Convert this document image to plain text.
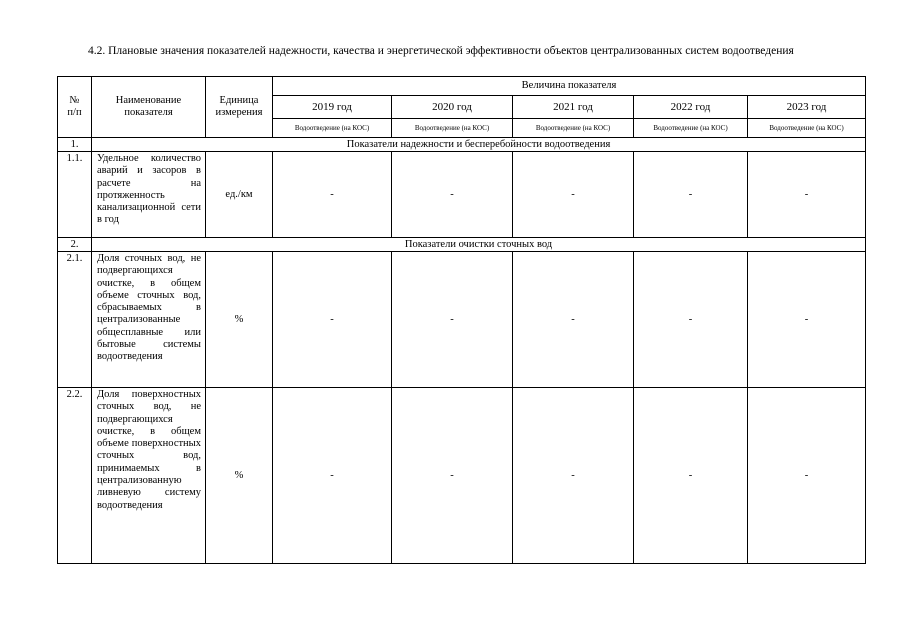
4.2. Плановые значения показателей надежности, качества и энергетической эффективности объектов централизованных систем водоотведения
№ п/п	Наименование показателя	Единица измерения	Величина показателя				
			2019 год	2020 год	2021 год	2022 год	2023 год
			Водоотведение (на КОС)	Водоотведение (на КОС)	Водоотведение (на КОС)	Водоотведение (на КОС)	Водоотведение (на КОС)
1.	Показатели надежности и бесперебойности водоотведения						
1.1.	Удельное количество аварий и засоров в расчете на протяженность канализационной сети в год	ед./км	-	-	-	-	-
2.	Показатели очистки сточных вод						
2.1.	Доля сточных вод, не подвергающихся очистке, в общем объеме сточных вод, сбрасываемых в централизованные общесплавные или бытовые системы водоотведения	%	-	-	-	-	-
2.2.	Доля поверхностных сточных вод, не подвергающихся очистке, в общем объеме поверхностных сточных вод, принимаемых в централизованную ливневую систему водоотведения	%	-	-	-	-	-
